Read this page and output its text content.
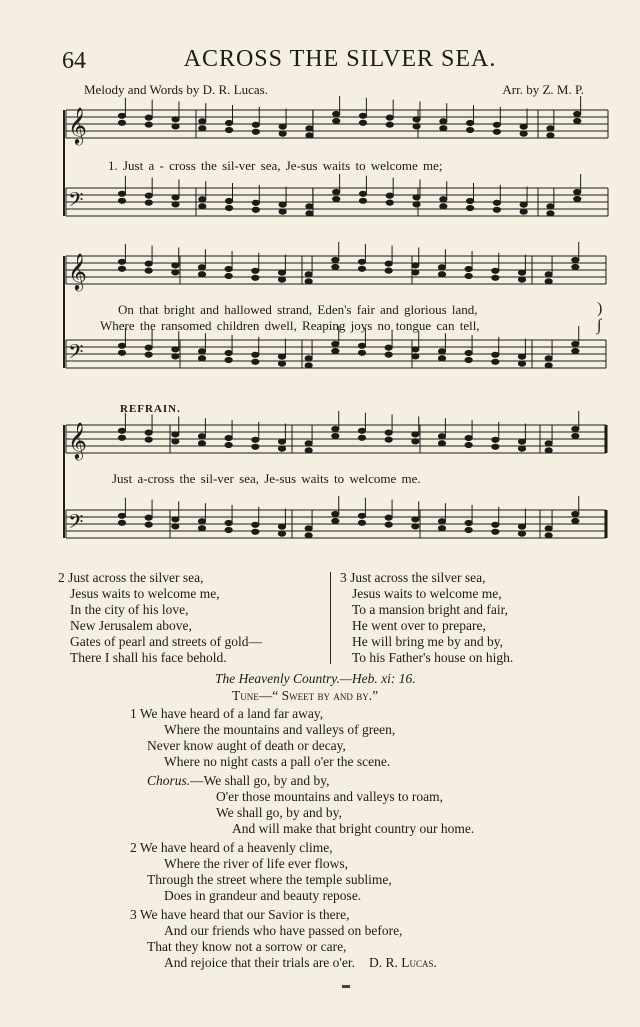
64	ACROSS THE SILVER SEA.
Melody and Words by D. R. Lucas.	Arr. by Z. M. P.
𝄞
𝄢
𝄞
𝄢
𝄞
𝄢
1. Just a - cross the sil-ver sea, Je-sus waits to welcome me;
On that bright and hallowed strand, Eden's fair and glorious land,	)
Where the ransomed children dwell, Reaping joys no tongue can tell,	∫
REFRAIN.
Just a-cross the sil-ver sea, Je-sus waits to welcome me.
2 Just across the silver sea,
Jesus waits to welcome me,
In the city of his love,
New Jerusalem above,
Gates of pearl and streets of gold—
There I shall his face behold.
3 Just across the silver sea,
Jesus waits to welcome me,
To a mansion bright and fair,
He went over to prepare,
He will bring me by and by,
To his Father's house on high.
The Heavenly Country.—Heb. xi: 16.
Tune—“ Sweet by and by.”
1 We have heard of a land far away,
Where the mountains and valleys of green,
Never know aught of death or decay,
Where no night casts a pall o'er the scene.
Chorus.—We shall go, by and by,
O'er those mountains and valleys to roam,
We shall go, by and by,
And will make that bright country our home.
2 We have heard of a heavenly clime,
Where the river of life ever flows,
Through the street where the temple sublime,
Does in grandeur and beauty repose.
3 We have heard that our Savior is there,
And our friends who have passed on before,
That they know not a sorrow or care,
And rejoice that their trials are o'er. D. R. Lucas.
